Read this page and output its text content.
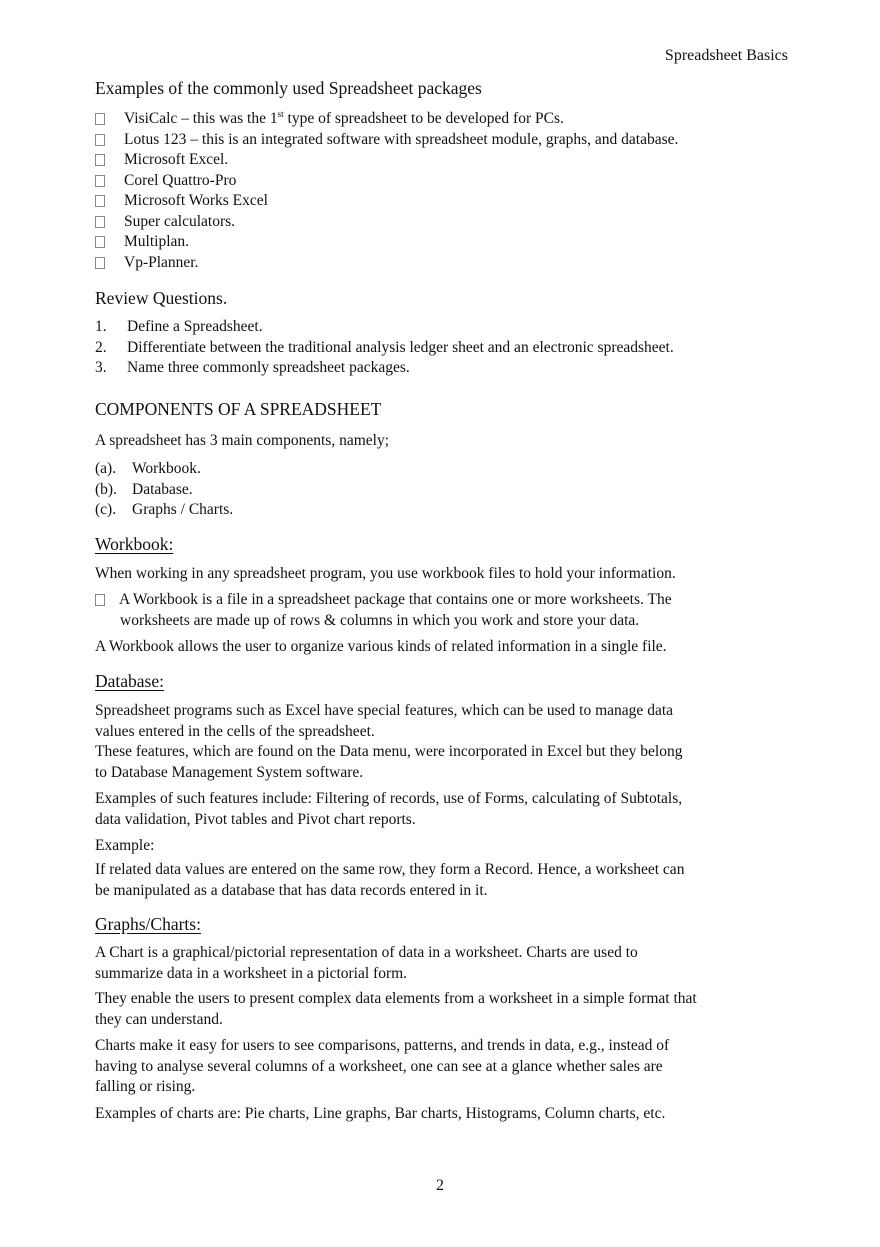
Spreadsheet Basics
Examples of the commonly used Spreadsheet packages
VisiCalc – this was the 1st type of spreadsheet to be developed for PCs.
Lotus 123 – this is an integrated software with spreadsheet module, graphs, and database.
Microsoft Excel.
Corel Quattro-Pro
Microsoft Works Excel
Super calculators.
Multiplan.
Vp-Planner.
Review Questions.
1.	Define a Spreadsheet.
2.	Differentiate between the traditional analysis ledger sheet and an electronic spreadsheet.
3.	Name three commonly spreadsheet packages.
COMPONENTS OF A SPREADSHEET
A spreadsheet has 3 main components, namely;
(a).	Workbook.
(b). Database.
(c).	Graphs / Charts.
Workbook:
When working in any spreadsheet program, you use workbook files to hold your information.
A Workbook is a file in a spreadsheet package that contains one or more worksheets. The
worksheets are made up of rows & columns in which you work and store your data.
A Workbook allows the user to organize various kinds of related information in a single file.
Database:

Spreadsheet programs such as Excel have special features, which can be used to manage data

values entered in the cells of the spreadsheet.

These features, which are found on the Data menu, were incorporated in Excel but they belong

to Database Management System software.

Examples of such features include: Filtering of records, use of Forms, calculating of Subtotals,

data validation, Pivot tables and Pivot chart reports.

Example:

If related data values are entered on the same row, they form a Record. Hence, a worksheet can

be manipulated as a database that has data records entered in it.

Graphs/Charts:

A Chart is a graphical/pictorial representation of data in a worksheet. Charts are used to

summarize data in a worksheet in a pictorial form.

They enable the users to present complex data elements from a worksheet in a simple format that

they can understand.

Charts make it easy for users to see comparisons, patterns, and trends in data, e.g., instead of

having to analyse several columns of a worksheet, one can see at a glance whether sales are

falling or rising.

Examples of charts are: Pie charts, Line graphs, Bar charts, Histograms, Column charts, etc.
2
